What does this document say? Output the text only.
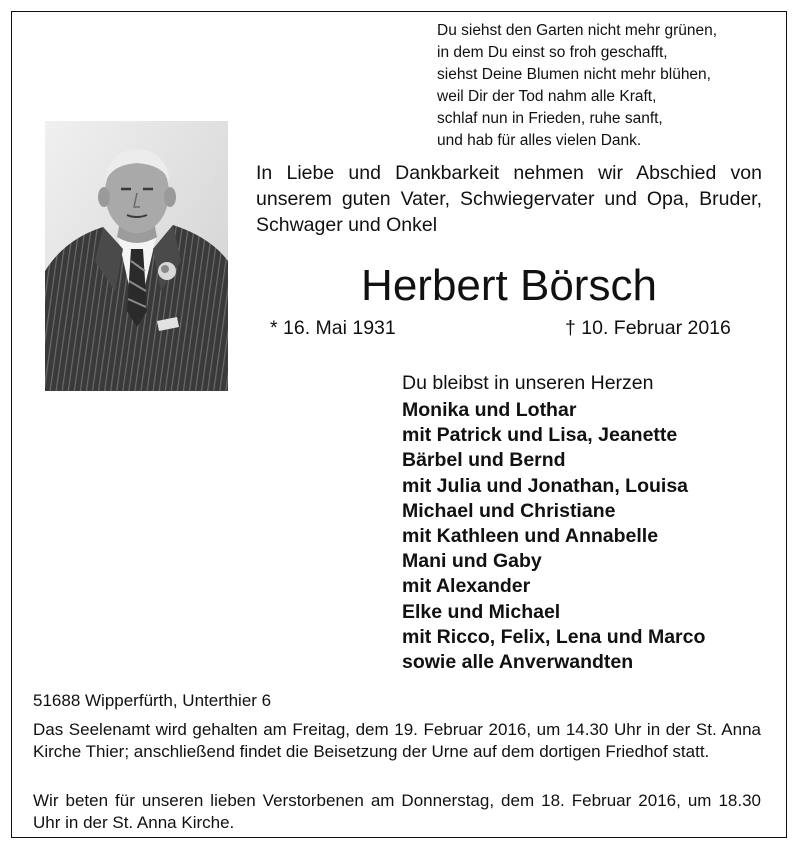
Du siehst den Garten nicht mehr grünen,
in dem Du einst so froh geschafft,
siehst Deine Blumen nicht mehr blühen,
weil Dir der Tod nahm alle Kraft,
schlaf nun in Frieden, ruhe sanft,
und hab für alles vielen Dank.

In Liebe und Dankbarkeit nehmen wir Abschied von unserem guten Vater, Schwiegervater und Opa, Bruder, Schwager und Onkel

Herbert Börsch
* 16. Mai 1931	† 10. Februar 2016
Du bleibst in unseren Herzen
Monika und Lothar
mit Patrick und Lisa, Jeanette
Bärbel und Bernd
mit Julia und Jonathan, Louisa
Michael und Christiane
mit Kathleen und Annabelle
Mani und Gaby
mit Alexander
Elke und Michael
mit Ricco, Felix, Lena und Marco
sowie alle Anverwandten
51688 Wipperfürth, Unterthier 6

Das Seelenamt wird gehalten am Freitag, dem 19. Februar 2016, um 14.30 Uhr in der St. Anna Kirche Thier; anschließend findet die Beisetzung der Urne auf dem dortigen Friedhof statt.

Wir beten für unseren lieben Verstorbenen am Donnerstag, dem 18. Februar 2016, um 18.30 Uhr in der St. Anna Kirche.
